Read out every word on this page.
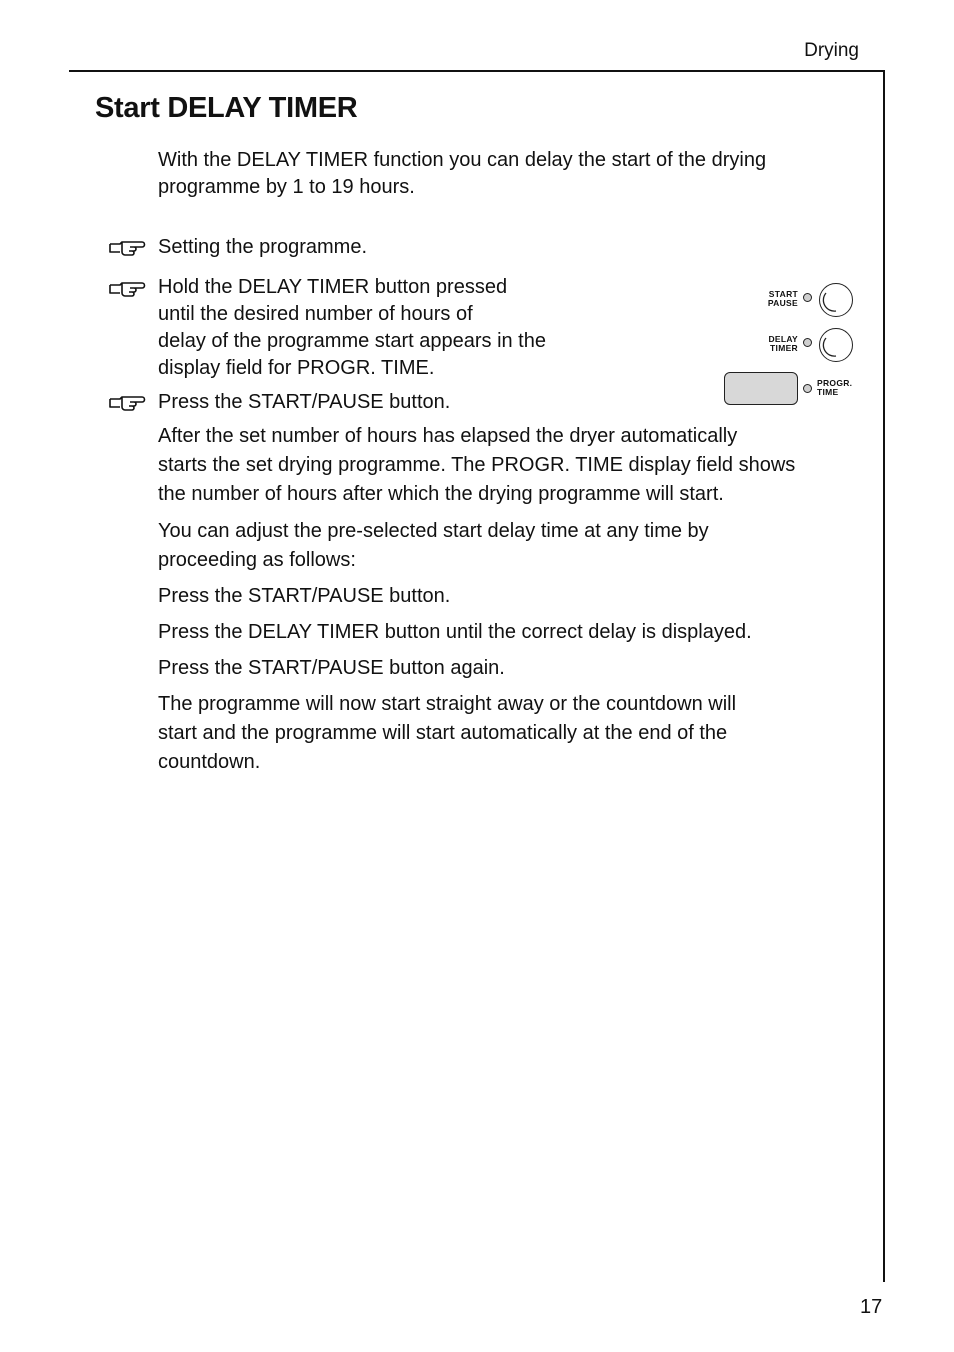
Drying
Start DELAY TIMER

With the DELAY TIMER function you can delay the start of the drying
programme by 1 to 19 hours.

Setting the programme.

Hold the DELAY TIMER button pressed
until the desired number of hours of
delay of the programme start appears in the
display field for PROGR. TIME.

Press the START/PAUSE button.

START
PAUSE
DELAY
TIMER
PROGR.
TIME

After the set number of hours has elapsed the dryer automatically
starts the set drying programme. The PROGR. TIME display field shows
the number of hours after which the drying programme will start.

You can adjust the pre-selected start delay time at any time by
proceeding as follows:

Press the START/PAUSE button.

Press the DELAY TIMER button until the correct delay is displayed.

Press the START/PAUSE button again.

The programme will now start straight away or the countdown will
start and the programme will start automatically at the end of the
countdown.

17
